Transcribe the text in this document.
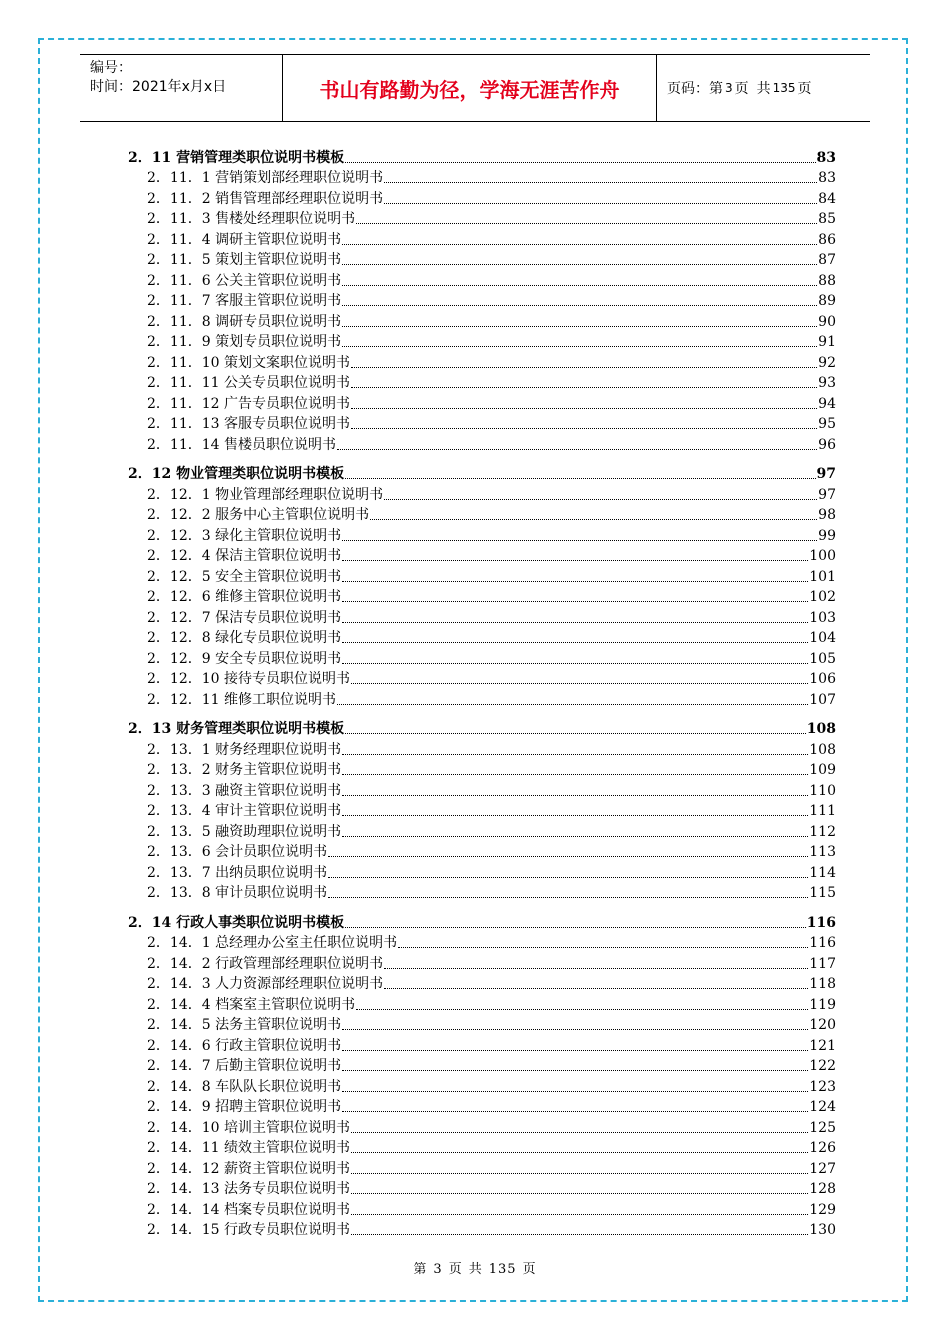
编号：
时间：2021年x月x日	书山有路勤为径，学海无涯苦作舟	页码：第 3 页 共 135 页
2．11 营销管理类职位说明书模板	83
2．11．1 营销策划部经理职位说明书	83
2．11．2 销售管理部经理职位说明书	84
2．11．3 售楼处经理职位说明书	85
2．11．4 调研主管职位说明书	86
2．11．5 策划主管职位说明书	87
2．11．6 公关主管职位说明书	88
2．11．7 客服主管职位说明书	89
2．11．8 调研专员职位说明书	90
2．11．9 策划专员职位说明书	91
2．11．10 策划文案职位说明书	92
2．11．11 公关专员职位说明书	93
2．11．12 广告专员职位说明书	94
2．11．13 客服专员职位说明书	95
2．11．14 售楼员职位说明书	96
2．12 物业管理类职位说明书模板	97
2．12．1 物业管理部经理职位说明书	97
2．12．2 服务中心主管职位说明书	98
2．12．3 绿化主管职位说明书	99
2．12．4 保洁主管职位说明书	100
2．12．5 安全主管职位说明书	101
2．12．6 维修主管职位说明书	102
2．12．7 保洁专员职位说明书	103
2．12．8 绿化专员职位说明书	104
2．12．9 安全专员职位说明书	105
2．12．10 接待专员职位说明书	106
2．12．11 维修工职位说明书	107
2．13 财务管理类职位说明书模板	108
2．13．1 财务经理职位说明书	108
2．13．2 财务主管职位说明书	109
2．13．3 融资主管职位说明书	110
2．13．4 审计主管职位说明书	111
2．13．5 融资助理职位说明书	112
2．13．6 会计员职位说明书	113
2．13．7 出纳员职位说明书	114
2．13．8 审计员职位说明书	115
2．14 行政人事类职位说明书模板	116
2．14．1 总经理办公室主任职位说明书	116
2．14．2 行政管理部经理职位说明书	117
2．14．3 人力资源部经理职位说明书	118
2．14．4 档案室主管职位说明书	119
2．14．5 法务主管职位说明书	120
2．14．6 行政主管职位说明书	121
2．14．7 后勤主管职位说明书	122
2．14．8 车队队长职位说明书	123
2．14．9 招聘主管职位说明书	124
2．14．10 培训主管职位说明书	125
2．14．11 绩效主管职位说明书	126
2．14．12 薪资主管职位说明书	127
2．14．13 法务专员职位说明书	128
2．14．14 档案专员职位说明书	129
2．14．15 行政专员职位说明书	130
第 3 页 共 135 页
